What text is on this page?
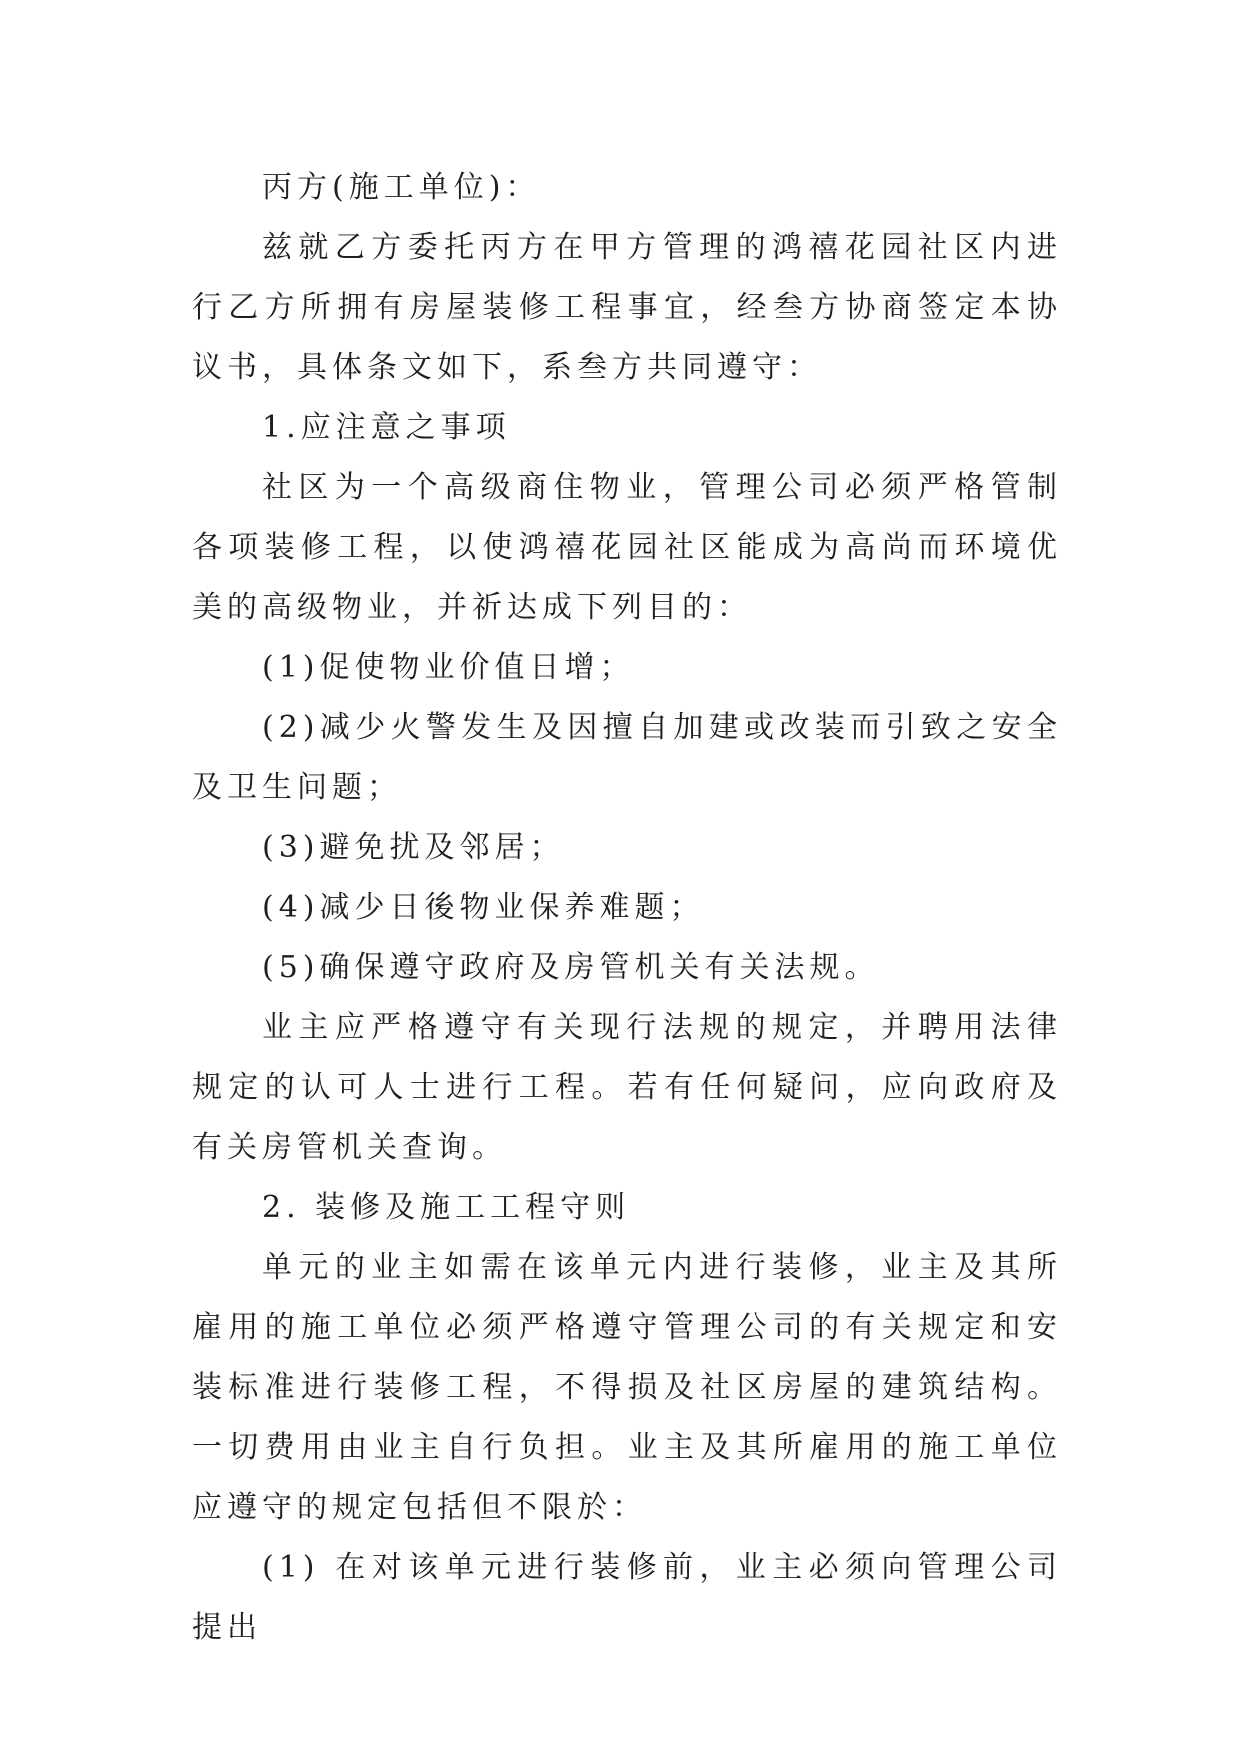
丙方(施工单位)：

兹就乙方委托丙方在甲方管理的鸿禧花园社区内进行乙方所拥有房屋装修工程事宜，经叁方协商签定本协议书，具体条文如下，系叁方共同遵守：

1.应注意之事项

社区为一个高级商住物业，管理公司必须严格管制各项装修工程，以使鸿禧花园社区能成为高尚而环境优美的高级物业，并祈达成下列目的：

(1)促使物业价值日增；

(2)减少火警发生及因擅自加建或改装而引致之安全及卫生问题；

(3)避免扰及邻居；

(4)减少日後物业保养难题；

(5)确保遵守政府及房管机关有关法规。

业主应严格遵守有关现行法规的规定，并聘用法律规定的认可人士进行工程。若有任何疑问，应向政府及有关房管机关查询。

2. 装修及施工工程守则

单元的业主如需在该单元内进行装修，业主及其所雇用的施工单位必须严格遵守管理公司的有关规定和安装标准进行装修工程，不得损及社区房屋的建筑结构。一切费用由业主自行负担。业主及其所雇用的施工单位应遵守的规定包括但不限於：

(1) 在对该单元进行装修前，业主必须向管理公司提出
